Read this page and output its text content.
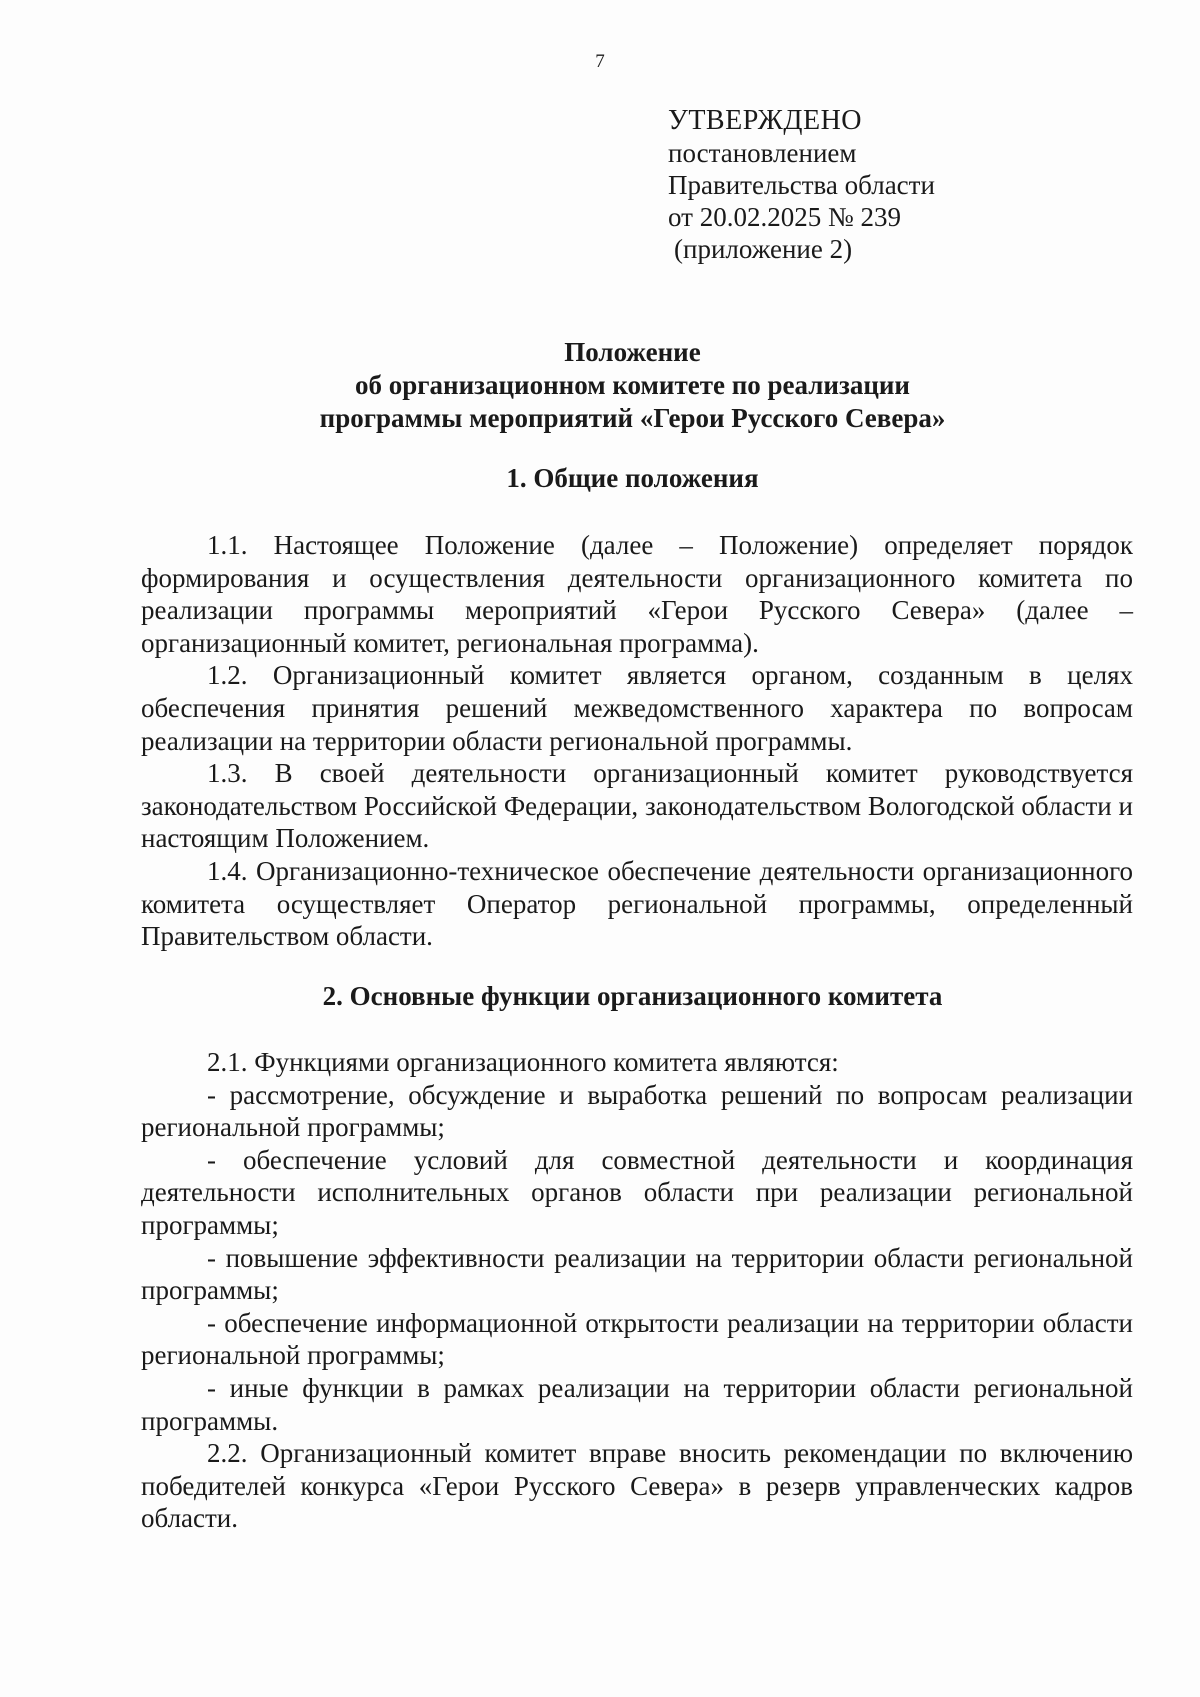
7
УТВЕРЖДЕНО
постановлением
Правительства области
от 20.02.2025 № 239
(приложение 2)
Положение
об организационном комитете по реализации
программы мероприятий «Герои Русского Севера»
1. Общие положения

1.1. Настоящее Положение (далее – Положение) определяет порядок формирования и осуществления деятельности организационного комитета по реализации программы мероприятий «Герои Русского Севера» (далее – организационный комитет, региональная программа).

1.2. Организационный комитет является органом, созданным в целях обеспечения принятия решений межведомственного характера по вопросам реализации на территории области региональной программы.

1.3. В своей деятельности организационный комитет руководствуется законодательством Российской Федерации, законодательством Вологодской области и настоящим Положением.

1.4. Организационно-техническое обеспечение деятельности организационного комитета осуществляет Оператор региональной программы, определенный Правительством области.

2. Основные функции организационного комитета

2.1. Функциями организационного комитета являются:

- рассмотрение, обсуждение и выработка решений по вопросам реализации региональной программы;

- обеспечение условий для совместной деятельности и координация деятельности исполнительных органов области при реализации региональной программы;

- повышение эффективности реализации на территории области региональной программы;

- обеспечение информационной открытости реализации на территории области региональной программы;

- иные функции в рамках реализации на территории области региональной программы.

2.2. Организационный комитет вправе вносить рекомендации по включению победителей конкурса «Герои Русского Севера» в резерв управленческих кадров области.
